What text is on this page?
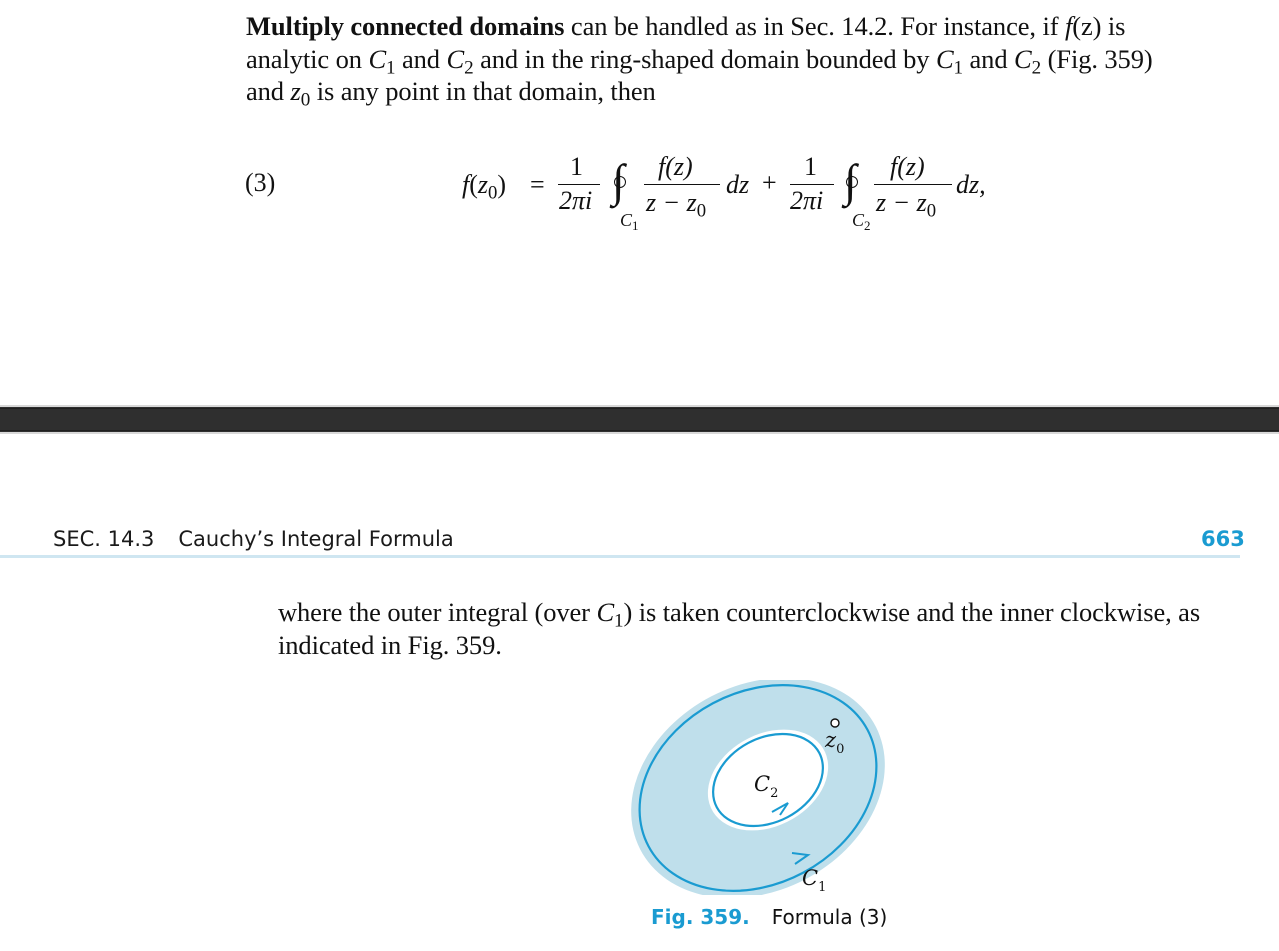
Multiply connected domains can be handled as in Sec. 14.2. For instance, if f(z) is
analytic on $C_1$ and $C_2$ and in the ring-shaped domain bounded by $C_1$ and $C_2$ (Fig. 359)
and $z_0$ is any point in that domain, then
(3)	$f(z_0)$ =
1
2πi ∫
$C_1$
f(z)
$z - z_0$
dz +
1
2πi ∫
$C_2$
f(z)
$z - z_0$
dz,
SEC. 14.3 Cauchy’s Integral Formula	663
where the outer integral (over $C_1$) is taken counterclockwise and the inner clockwise, as
indicated in Fig. 359.
$z_0$
$C_2$
$C_1$
Fig. 359. Formula (3)
